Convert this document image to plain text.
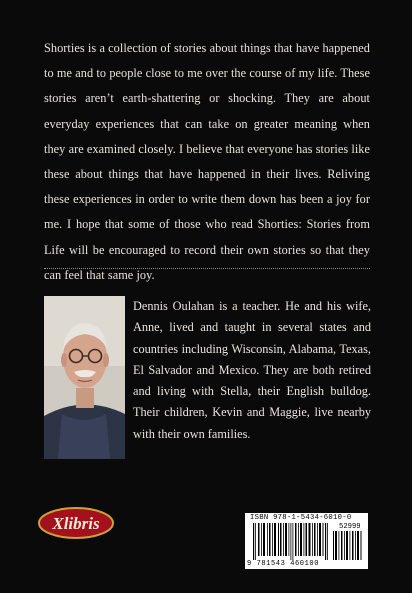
Shorties is a collection of stories about things that have happened to me and to people close to me over the course of my life. These stories aren’t earth-shattering or shocking. They are about everyday experiences that can take on greater meaning when they are examined closely. I believe that everyone has stories like these about things that have happened in their lives. Reliving these experiences in order to write them down has been a joy for me. I hope that some of those who read Shorties: Stories from Life will be encouraged to record their own stories so that they can feel that same joy.

Dennis Oulahan is a teacher. He and his wife, Anne, lived and taught in several states and countries including Wisconsin, Alabama, Texas, El Salvador and Mexico. They are both retired and living with Stella, their English bulldog. Their children, Kevin and Maggie, live nearby with their own families.

Xlibris	ISBN 978-1-5434-6010-0
52999
9 781543 460100
